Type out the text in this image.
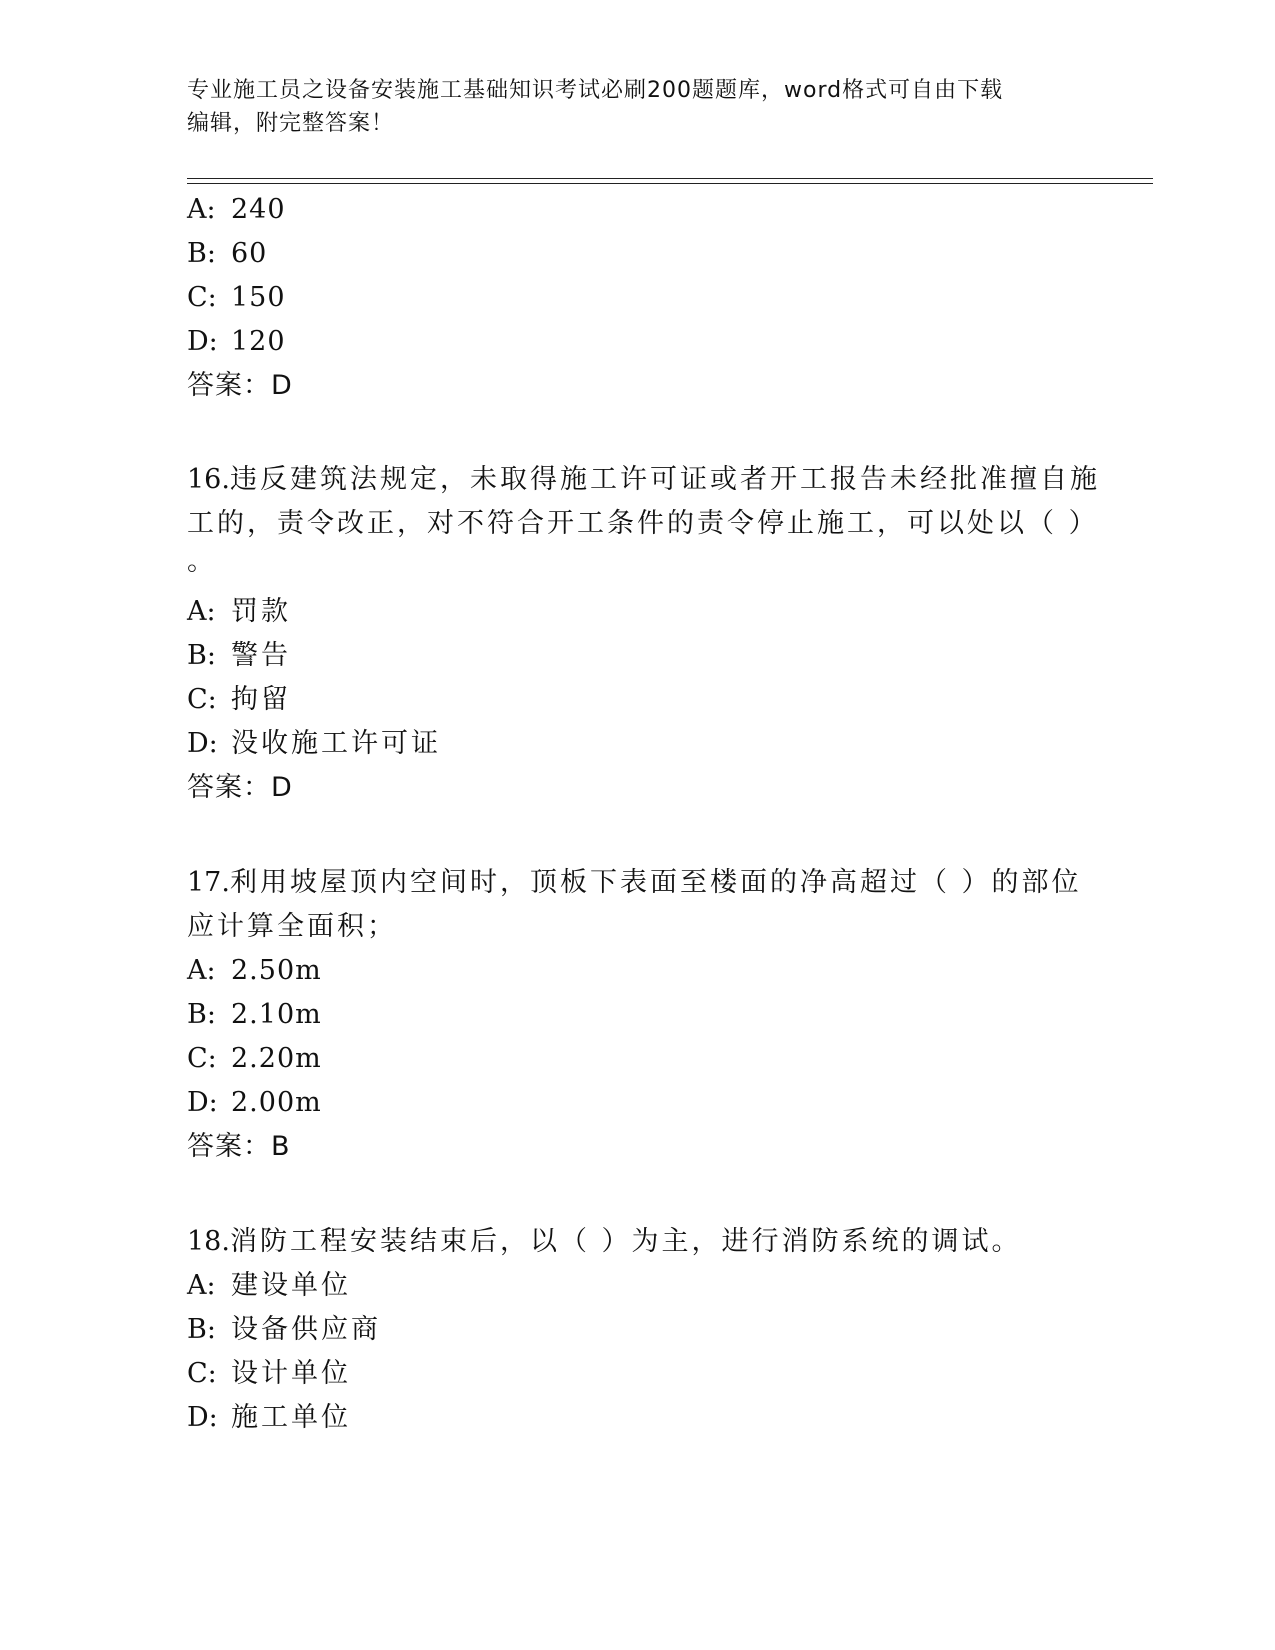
专业施工员之设备安装施工基础知识考试必刷200题题库，word格式可自由下载
编辑，附完整答案！
A: 240
B: 60
C: 150
D: 120
答案：D
16.违反建筑法规定，未取得施工许可证或者开工报告未经批准擅自施
工的，责令改正，对不符合开工条件的责令停止施工，可以处以（ ）
。
A: 罚款
B: 警告
C: 拘留
D: 没收施工许可证
答案：D
17.利用坡屋顶内空间时，顶板下表面至楼面的净高超过（ ）的部位
应计算全面积；
A: 2.50m
B: 2.10m
C: 2.20m
D: 2.00m
答案：B
18.消防工程安装结束后，以（ ）为主，进行消防系统的调试。
A: 建设单位
B: 设备供应商
C: 设计单位
D: 施工单位
